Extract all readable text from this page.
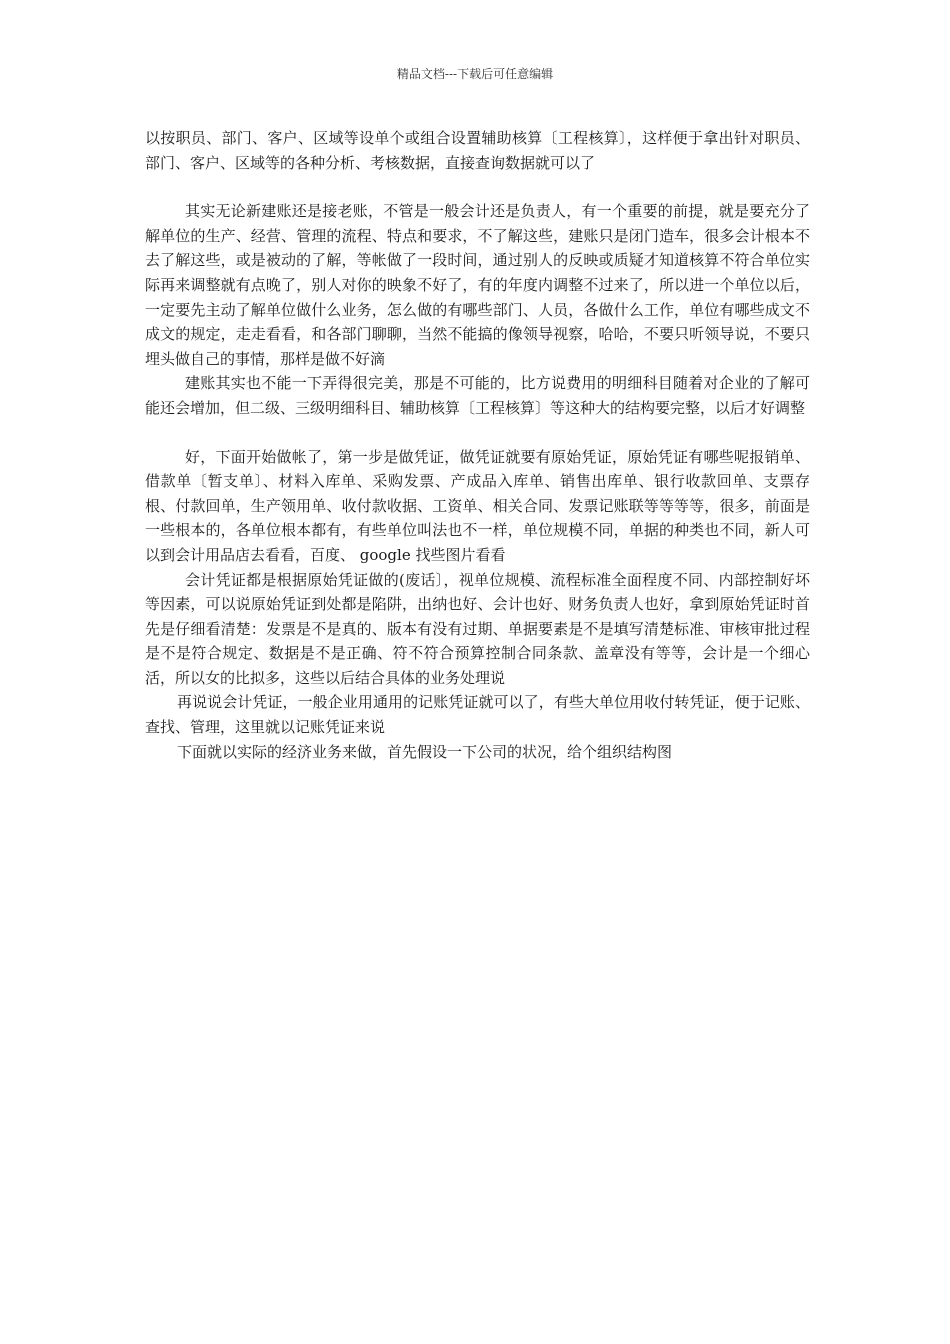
精品文档---下载后可任意编辑

以按职员、部门、客户、区域等设单个或组合设置辅助核算〔工程核算〕，这样便于拿出针对职员、部门、客户、区域等的各种分析、考核数据，直接查询数据就可以了

其实无论新建账还是接老账，不管是一般会计还是负责人，有一个重要的前提，就是要充分了解单位的生产、经营、管理的流程、特点和要求，不了解这些，建账只是闭门造车，很多会计根本不去了解这些，或是被动的了解，等帐做了一段时间，通过别人的反映或质疑才知道核算不符合单位实际再来调整就有点晚了，别人对你的映象不好了，有的年度内调整不过来了，所以进一个单位以后，一定要先主动了解单位做什么业务，怎么做的有哪些部门、人员，各做什么工作，单位有哪些成文不成文的规定，走走看看，和各部门聊聊，当然不能搞的像领导视察，哈哈，不要只听领导说，不要只埋头做自己的事情，那样是做不好滴

建账其实也不能一下弄得很完美，那是不可能的，比方说费用的明细科目随着对企业的了解可能还会增加，但二级、三级明细科目、辅助核算〔工程核算〕等这种大的结构要完整，以后才好调整

好，下面开始做帐了，第一步是做凭证，做凭证就要有原始凭证，原始凭证有哪些呢报销单、借款单〔暂支单〕、材料入库单、采购发票、产成品入库单、销售出库单、银行收款回单、支票存根、付款回单，生产领用单、收付款收据、工资单、相关合同、发票记账联等等等等，很多，前面是一些根本的，各单位根本都有，有些单位叫法也不一样，单位规模不同，单据的种类也不同，新人可以到会计用品店去看看，百度、 google 找些图片看看

会计凭证都是根据原始凭证做的(废话〕，视单位规模、流程标准全面程度不同、内部控制好坏等因素，可以说原始凭证到处都是陷阱，出纳也好、会计也好、财务负责人也好，拿到原始凭证时首先是仔细看清楚：发票是不是真的、版本有没有过期、单据要素是不是填写清楚标准、审核审批过程是不是符合规定、数据是不是正确、符不符合预算控制合同条款、盖章没有等等，会计是一个细心活，所以女的比拟多，这些以后结合具体的业务处理说

再说说会计凭证，一般企业用通用的记账凭证就可以了，有些大单位用收付转凭证，便于记账、查找、管理，这里就以记账凭证来说

下面就以实际的经济业务来做，首先假设一下公司的状况，给个组织结构图
